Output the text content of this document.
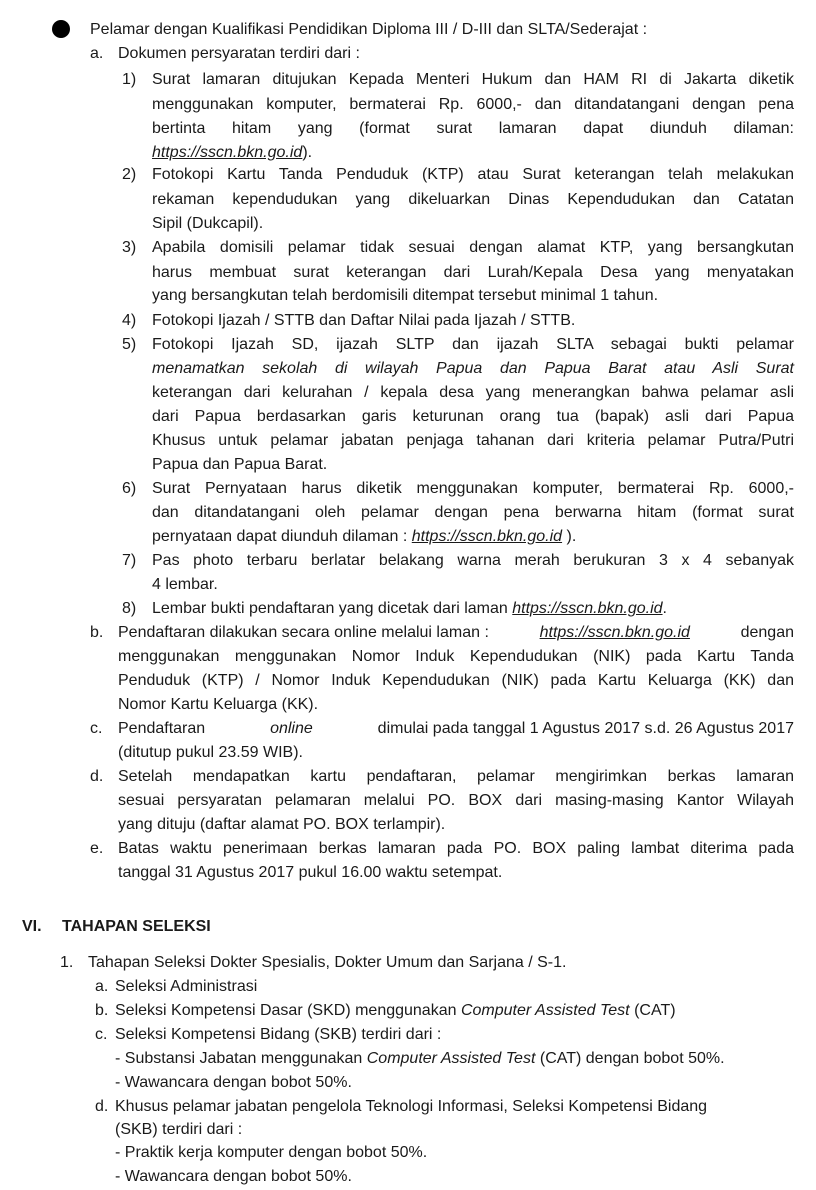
Pelamar dengan Kualifikasi Pendidikan Diploma III / D-III dan SLTA/Sederajat :
a. Dokumen persyaratan terdiri dari :
1) Surat lamaran ditujukan Kepada Menteri Hukum dan HAM RI di Jakarta diketik
menggunakan komputer, bermaterai Rp. 6000,- dan ditandatangani dengan pena
bertinta hitam yang (format surat lamaran dapat diunduh dilaman:
https://sscn.bkn.go.id).
2) Fotokopi Kartu Tanda Penduduk (KTP) atau Surat keterangan telah melakukan
rekaman kependudukan yang dikeluarkan Dinas Kependudukan dan Catatan
Sipil (Dukcapil).
3) Apabila domisili pelamar tidak sesuai dengan alamat KTP, yang bersangkutan
harus membuat surat keterangan dari Lurah/Kepala Desa yang menyatakan
yang bersangkutan telah berdomisili ditempat tersebut minimal 1 tahun.
4) Fotokopi Ijazah / STTB dan Daftar Nilai pada Ijazah / STTB.
5) Fotokopi Ijazah SD, ijazah SLTP dan ijazah SLTA sebagai bukti pelamar
menamatkan sekolah di wilayah Papua dan Papua Barat atau Asli Surat
keterangan dari kelurahan / kepala desa yang menerangkan bahwa pelamar asli
dari Papua berdasarkan garis keturunan orang tua (bapak) asli dari Papua
Khusus untuk pelamar jabatan penjaga tahanan dari kriteria pelamar Putra/Putri
Papua dan Papua Barat.
6) Surat Pernyataan harus diketik menggunakan komputer, bermaterai Rp. 6000,-
dan ditandatangani oleh pelamar dengan pena berwarna hitam (format surat
pernyataan dapat diunduh dilaman : https://sscn.bkn.go.id ).
7) Pas photo terbaru berlatar belakang warna merah berukuran 3 x 4 sebanyak
4 lembar.
8) Lembar bukti pendaftaran yang dicetak dari laman https://sscn.bkn.go.id.
b. Pendaftaran dilakukan secara online melalui laman :	https://sscn.bkn.go.id	dengan
menggunakan menggunakan Nomor Induk Kependudukan (NIK) pada Kartu Tanda
Penduduk (KTP) / Nomor Induk Kependudukan (NIK) pada Kartu Keluarga (KK) dan
Nomor Kartu Keluarga (KK).
c. Pendaftaran	online	dimulai pada tanggal 1 Agustus 2017 s.d. 26 Agustus 2017
(ditutup pukul 23.59 WIB).
d. Setelah mendapatkan kartu pendaftaran, pelamar mengirimkan berkas lamaran
sesuai persyaratan pelamaran melalui PO. BOX dari masing-masing Kantor Wilayah
yang dituju (daftar alamat PO. BOX terlampir).
e. Batas waktu penerimaan berkas lamaran pada PO. BOX paling lambat diterima pada
tanggal 31 Agustus 2017 pukul 16.00 waktu setempat.
VI. TAHAPAN SELEKSI
1. Tahapan Seleksi Dokter Spesialis, Dokter Umum dan Sarjana / S-1.
a. Seleksi Administrasi
b. Seleksi Kompetensi Dasar (SKD) menggunakan Computer Assisted Test (CAT)
c. Seleksi Kompetensi Bidang (SKB) terdiri dari :
- Substansi Jabatan menggunakan Computer Assisted Test (CAT) dengan bobot 50%.
- Wawancara dengan bobot 50%.
d. Khusus pelamar jabatan pengelola Teknologi Informasi, Seleksi Kompetensi Bidang
(SKB) terdiri dari :
- Praktik kerja komputer dengan bobot 50%.
- Wawancara dengan bobot 50%.
